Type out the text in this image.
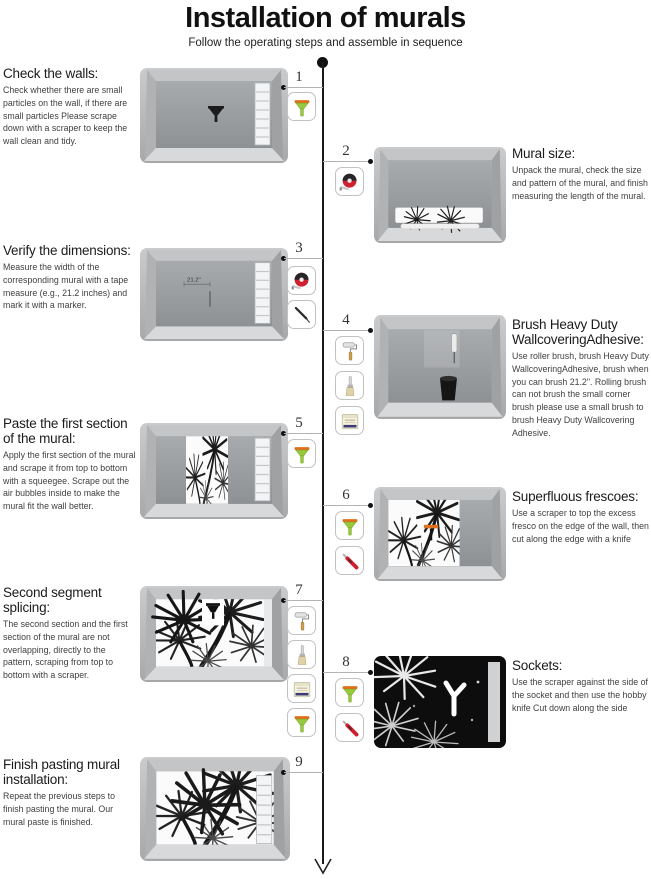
Installation of murals

Follow the operating steps and assemble in sequence

Check the walls:

Check whether there are small particles on the wall, if there are small particles Please scrape down with a scraper to keep the wall clean and tidy.

1
2	Mural size:

Unpack the mural, check the size and pattern of the mural, and finish measuring the length of the mural.

Verify the dimensions:

Measure the width of the corresponding mural with a tape measure (e.g., 21.2 inches) and mark it with a marker.

21.2"
3
4	Brush Heavy Duty WallcoveringAdhesive:

Use roller brush, brush Heavy Duty WallcoveringAdhesive, brush when you can brush 21.2". Rolling brush can not brush the small corner brush please use a small brush to brush Heavy Duty Wallcovering Adhesive.

Paste the first section of the mural:

Apply the first section of the mural and scrape it from top to bottom with a squeegee. Scrape out the air bubbles inside to make the mural fit the wall better.

5
6	Superfluous frescoes:

Use a scraper to top the excess fresco on the edge of the wall, then cut along the edge with a knife

Second segment splicing:

The second section and the first section of the mural are not overlapping, directly to the pattern, scraping from top to bottom with a scraper.

7
8	Sockets:

Use the scraper against the side of the socket and then use the hobby knife Cut down along the side

Finish pasting mural installation:

Repeat the previous steps to finish pasting the mural. Our mural paste is finished.

9
